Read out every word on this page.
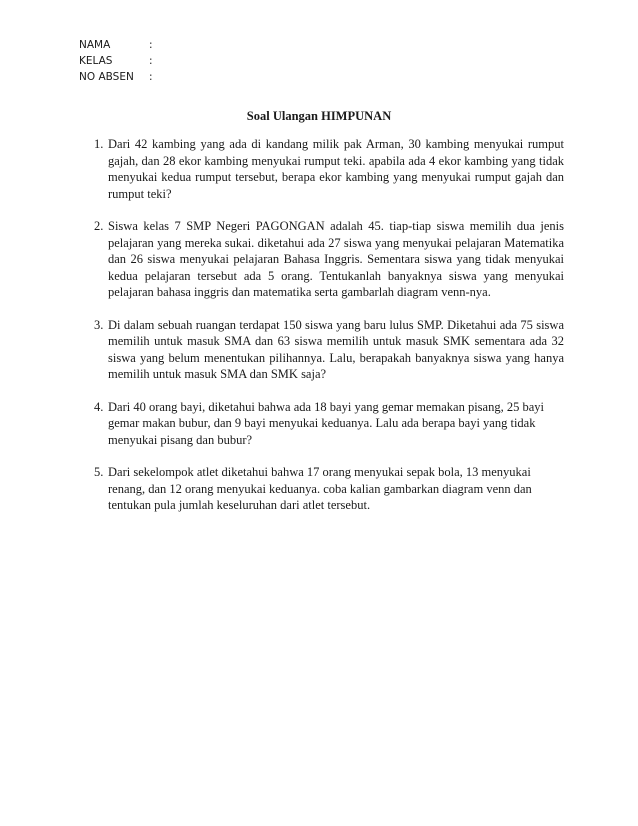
NAMA	:
KELAS	:
NO ABSEN	:
Soal Ulangan HIMPUNAN
1. Dari 42 kambing yang ada di kandang milik pak Arman, 30 kambing menyukai rumput gajah, dan 28 ekor kambing menyukai rumput teki. apabila ada 4 ekor kambing yang tidak menyukai kedua rumput tersebut, berapa ekor kambing yang menyukai rumput gajah dan rumput teki?
2. Siswa kelas 7 SMP Negeri PAGONGAN adalah 45. tiap-tiap siswa memilih dua jenis pelajaran yang mereka sukai. diketahui ada 27 siswa yang menyukai pelajaran Matematika dan 26 siswa menyukai pelajaran Bahasa Inggris. Sementara siswa yang tidak menyukai kedua pelajaran tersebut ada 5 orang. Tentukanlah banyaknya siswa yang menyukai pelajaran bahasa inggris dan matematika serta gambarlah diagram venn-nya.
3. Di dalam sebuah ruangan terdapat 150 siswa yang baru lulus SMP. Diketahui ada 75 siswa memilih untuk masuk SMA dan 63 siswa memilih untuk masuk SMK sementara ada 32 siswa yang belum menentukan pilihannya. Lalu, berapakah banyaknya siswa yang hanya memilih untuk masuk SMA dan SMK saja?
4. Dari 40 orang bayi, diketahui bahwa ada 18 bayi yang gemar memakan pisang, 25 bayi gemar makan bubur, dan 9 bayi menyukai keduanya. Lalu ada berapa bayi yang tidak menyukai pisang dan bubur?
5. Dari sekelompok atlet diketahui bahwa 17 orang menyukai sepak bola, 13 menyukai renang, dan 12 orang menyukai keduanya. coba kalian gambarkan diagram venn dan tentukan pula jumlah keseluruhan dari atlet tersebut.
